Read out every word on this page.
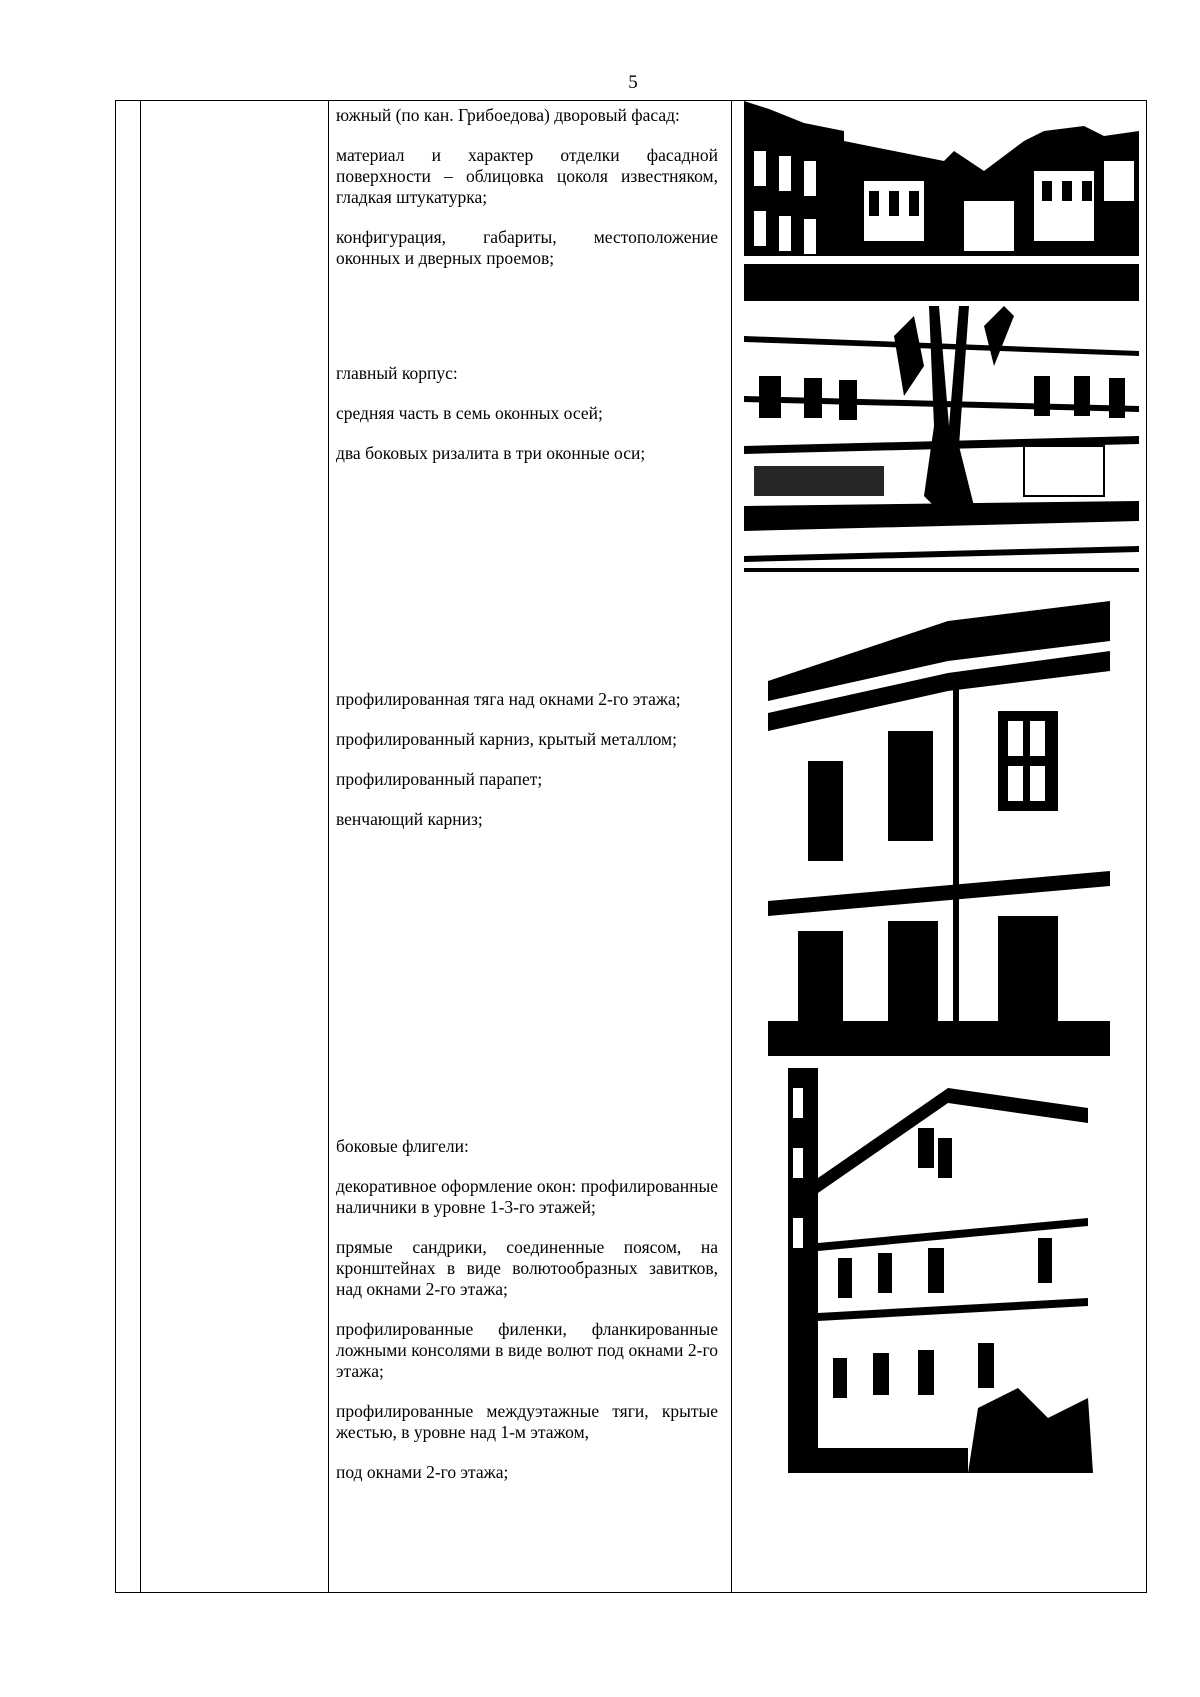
5

южный (по кан. Грибоедова) дворовый фасад:

материал и характер отделки фасадной поверхности – облицовка цоколя известняком, гладкая штукатурка;

конфигурация, габариты, местоположение оконных и дверных проемов;

главный корпус:

средняя часть в семь оконных осей;

два боковых ризалита в три оконные оси;

профилированная тяга над окнами 2-го этажа;

профилированный карниз, крытый металлом;

профилированный парапет;

венчающий карниз;

боковые флигели:

декоративное оформление окон: профилированные наличники в уровне 1-3-го этажей;

прямые сандрики, соединенные поясом, на кронштейнах в виде волютообразных завитков, над окнами 2-го этажа;

профилированные филенки, фланкированные ложными консолями в виде волют под окнами 2-го этажа;

профилированные междуэтажные тяги, крытые жестью, в уровне над 1-м этажом,

под окнами 2-го этажа;
